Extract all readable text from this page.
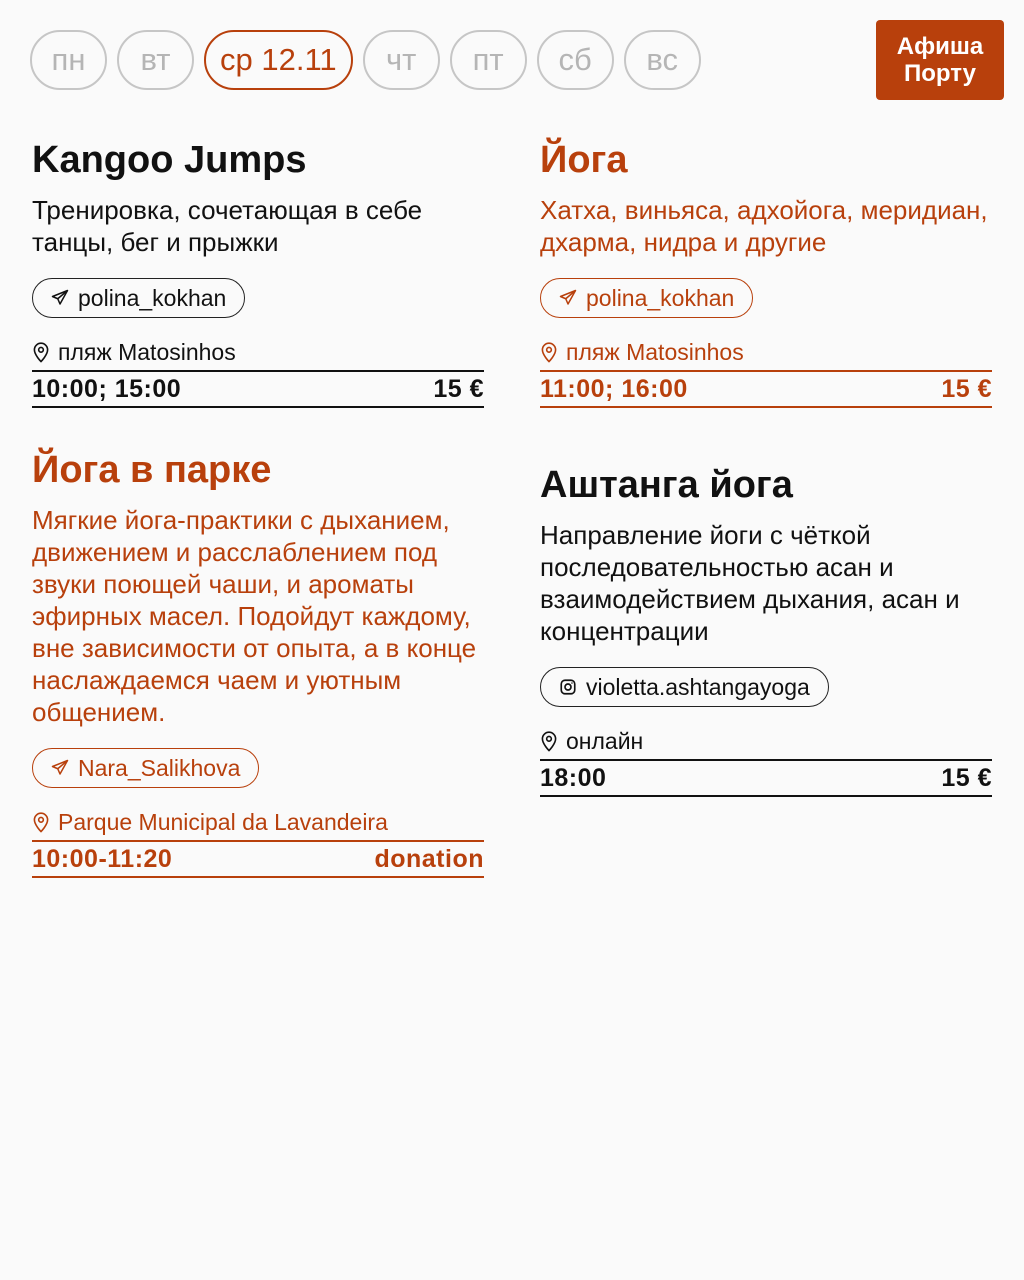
пн	вт	ср 12.11	чт	пт	сб	вс	Афиша
Порту
Kangoo Jumps
Тренировка, сочетающая в себе танцы, бег и прыжки
polina_kokhan
пляж Matosinhos
10:00; 15:00	15 €
Йога
Хатха, виньяса, адхойога, меридиан, дхарма, нидра и другие
polina_kokhan
пляж Matosinhos
11:00; 16:00	15 €
Йога в парке
Мягкие йога-практики с дыханием, движением и расслаблением под звуки поющей чаши, и ароматы эфирных масел. Подойдут каждому, вне зависимости от опыта, а в конце наслаждаемся чаем и уютным общением.
Nara_Salikhova
Parque Municipal da Lavandeira
10:00-11:20	donation
Аштанга йога
Направление йоги с чёткой последовательностью асан и взаимодействием дыхания, асан и концентрации
violetta.ashtangayoga
онлайн
18:00	15 €
